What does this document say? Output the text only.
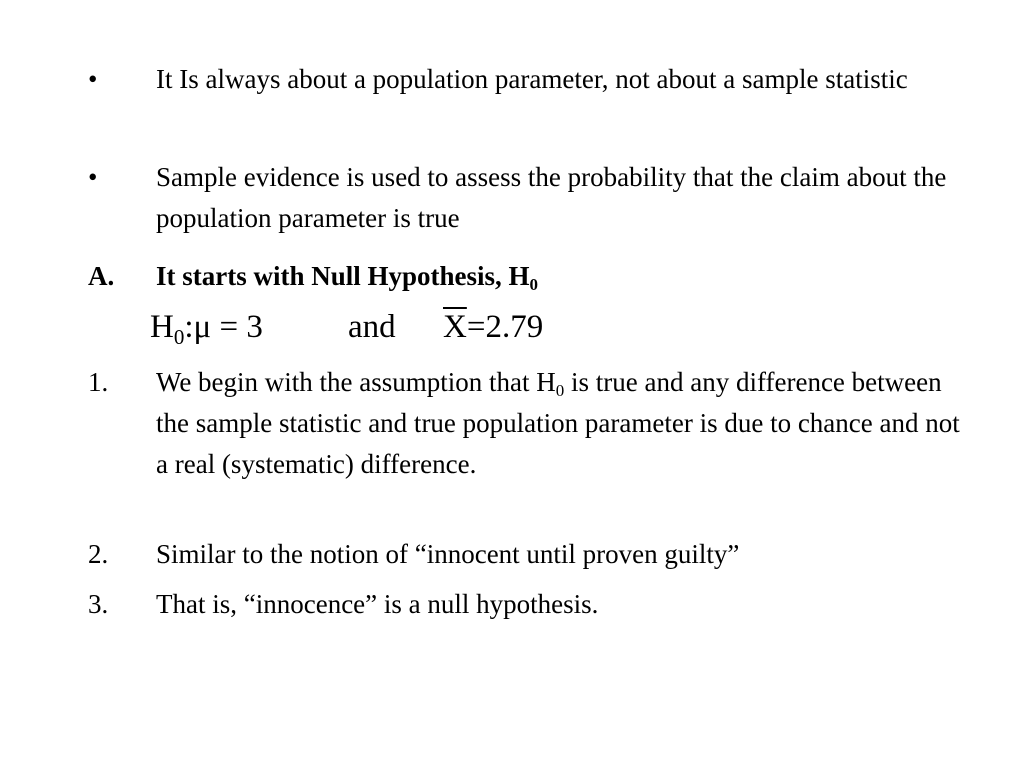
• It Is always about a population parameter, not about a sample statistic
• Sample evidence is used to assess the probability that the claim about the population parameter is true
A. It starts with Null Hypothesis, $H_0$
$H_0:\mu = 3$	and $\overline{X}=2.79$
1. We begin with the assumption that $H_0$ is true and any difference between the sample statistic and true population parameter is due to chance and not a real (systematic) difference.
2. Similar to the notion of “innocent until proven guilty”
3. That is, “innocence” is a null hypothesis.
